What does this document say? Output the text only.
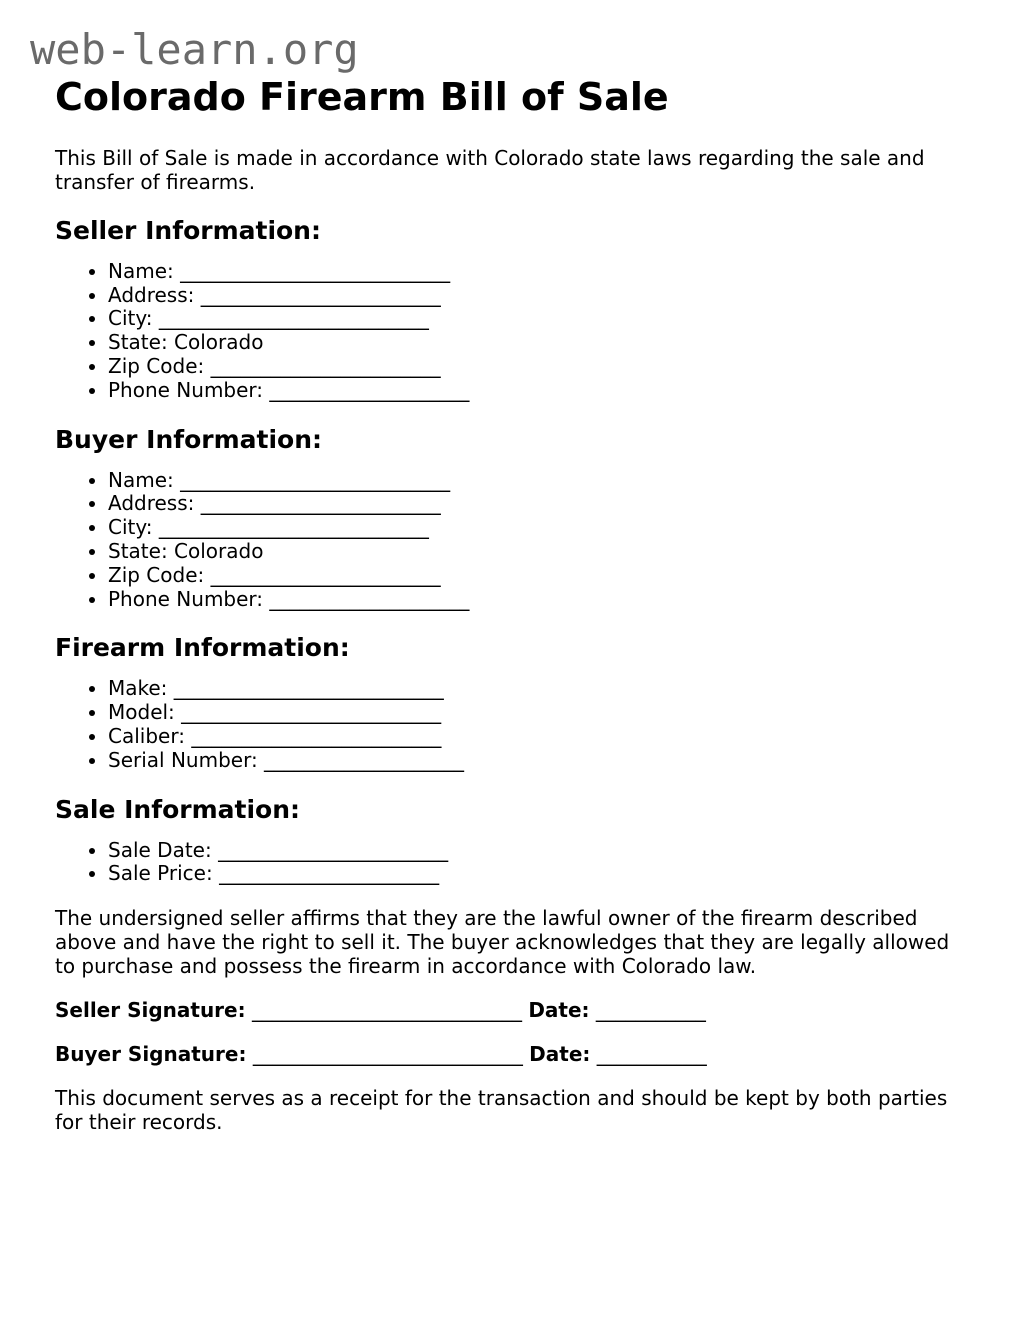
web-learn.org
Colorado Firearm Bill of Sale

This Bill of Sale is made in accordance with Colorado state laws regarding the sale and transfer of firearms.

Seller Information:
• Name: ___________________________
• Address: ________________________
• City: ___________________________
• State: Colorado
• Zip Code: _______________________
• Phone Number: ____________________
Buyer Information:
• Name: ___________________________
• Address: ________________________
• City: ___________________________
• State: Colorado
• Zip Code: _______________________
• Phone Number: ____________________
Firearm Information:
• Make: ___________________________
• Model: __________________________
• Caliber: _________________________
• Serial Number: ____________________
Sale Information:
• Sale Date: _______________________
• Sale Price: ______________________

The undersigned seller affirms that they are the lawful owner of the firearm described above and have the right to sell it. The buyer acknowledges that they are legally allowed to purchase and possess the firearm in accordance with Colorado law.

Seller Signature: ___________________________ Date: ___________

Buyer Signature: ___________________________ Date: ___________

This document serves as a receipt for the transaction and should be kept by both parties for their records.
